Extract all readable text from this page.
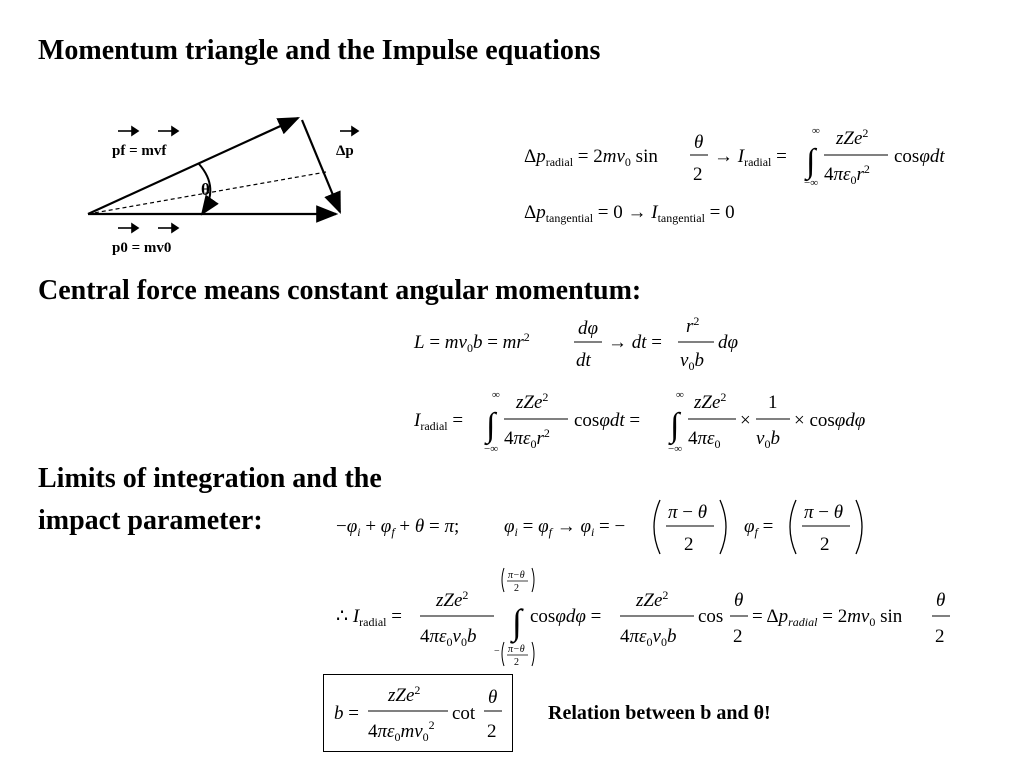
Momentum triangle and the Impulse equations
Central force means constant angular momentum:
Limits of integration and the
impact parameter:
θ
pf = mvf	Δp
p0 = mv0
$\Delta p_{radial} = 2mv_0$ sin
θ
2
→ $I_{radial}$ =
∞
∫
−∞
zZe$^2$
$4\pi\varepsilon_0r^2$
cosφdt
$\Delta p_{tangential} = 0 \to I_{tangential} = 0$
$L = mv_0b = mr^2$	dφ
dt
→ dt =
$r^2$
$v_0b$
dφ
$I_{radial}$ =
∞
∫
−∞
zZe$^2$
$4\pi\varepsilon_0r^2$
cosφdt =
∞
∫
−∞
zZe$^2$
$4\pi\varepsilon_0$
×
1
$v_0b$
× cosφdφ
$-\varphi_i + \varphi_f + \theta = \pi$; $\varphi_i = \varphi_f \to \varphi_i$ = −
π − θ
2
$\varphi_f$ =
π − θ
2
∴ $I_{radial}$ =
zZe$^2$
$4\pi\varepsilon_0v_0b$
π−θ
2
∫
− π−θ
2
cosφdφ =
zZe$^2$
$4\pi\varepsilon_0v_0b$
cos
θ
2
= $\Delta p_{radial} = 2mv_0$ sin
θ
2
b =
zZe$^2$
$4\pi\varepsilon_0mv_0^2$
cot
θ
2
Relation between b and θ!
